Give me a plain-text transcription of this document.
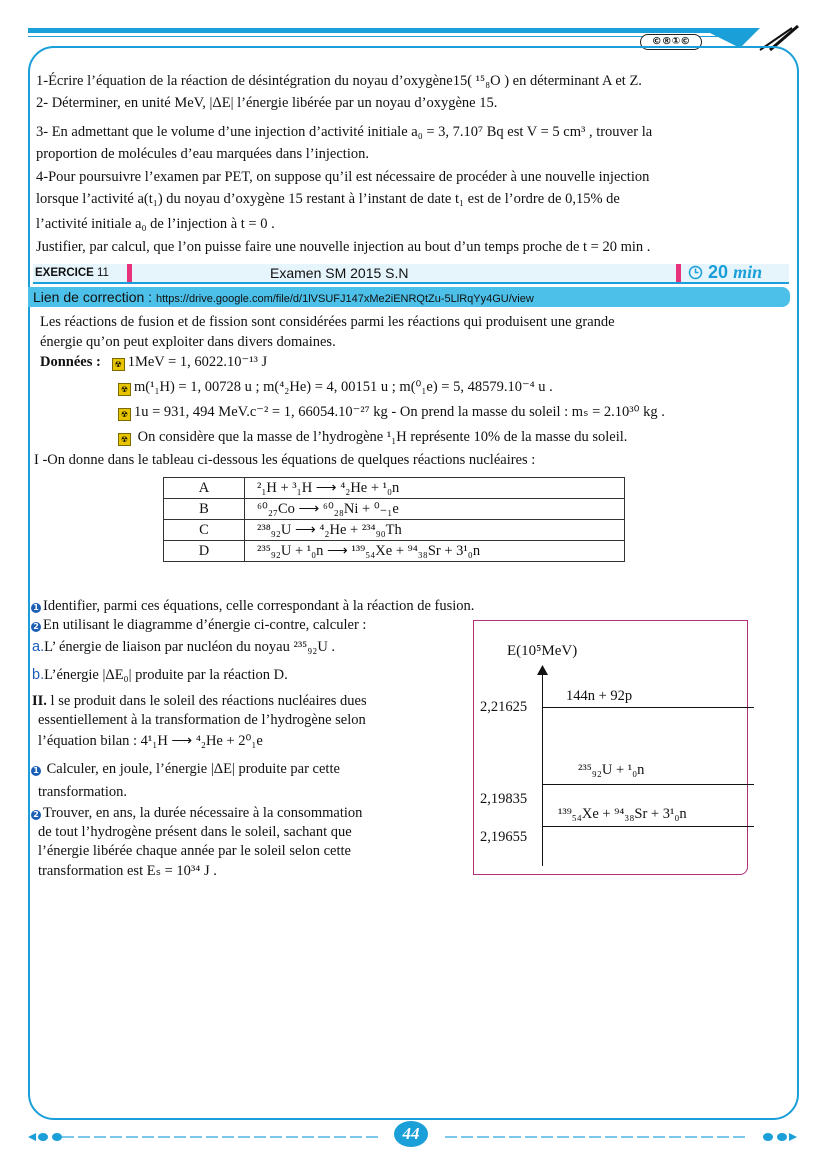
©®①©
1-Écrire l’équation de la réaction de désintégration du noyau d’oxygène15( ¹⁵₈O ) en déterminant A et Z.
2- Déterminer, en unité MeV, |ΔE| l’énergie libérée par un noyau d’oxygène 15.
3- En admettant que le volume d’une injection d’activité initiale a₀ = 3, 7.10⁷ Bq est V = 5 cm³ , trouver la
proportion de molécules d’eau marquées dans l’injection.
4-Pour poursuivre l’examen par PET, on suppose qu’il est nécessaire de procéder à une nouvelle injection
lorsque l’activité a(t₁) du noyau d’oxygène 15 restant à l’instant de date t₁ est de l’ordre de 0,15% de
l’activité initiale a₀ de l’injection à t = 0 .
Justifier, par calcul, que l’on puisse faire une nouvelle injection au bout d’un temps proche de t = 20 min .
EXERCICE 11	Examen SM 2015 S.N	20 min
Lien de correction : https://drive.google.com/file/d/1lVSUFJ147xMe2iENRQtZu-5LlRqYy4GU/view
Les réactions de fusion et de fission sont considérées parmi les réactions qui produisent une grande
énergie qu’on peut exploiter dans divers domaines.
Données : ☢ 1MeV = 1, 6022.10⁻¹³ J
☢ m(¹₁H) = 1, 00728 u ; m(⁴₂He) = 4, 00151 u ; m(⁰₁e) = 5, 48579.10⁻⁴ u .
☢ 1u = 931, 494 MeV.c⁻² = 1, 66054.10⁻²⁷ kg - On prend la masse du soleil : mₛ = 2.10³⁰ kg .
☢ On considère que la masse de l’hydrogène ¹₁H représente 10% de la masse du soleil.
I -On donne dans le tableau ci-dessous les équations de quelques réactions nucléaires :
A	²₁H + ³₁H ⟶ ⁴₂He + ¹₀n
B	⁶⁰₂₇Co ⟶ ⁶⁰₂₈Ni + ⁰₋₁e
C	²³⁸₉₂U ⟶ ⁴₂He + ²³⁴₉₀Th
D	²³⁵₉₂U + ¹₀n ⟶ ¹³⁹₅₄Xe + ⁹⁴₃₈Sr + 3¹₀n
1 Identifier, parmi ces équations, celle correspondant à la réaction de fusion.
2 En utilisant le diagramme d’énergie ci-contre, calculer :
a.L’ énergie de liaison par nucléon du noyau ²³⁵₉₂U .
b.L’énergie |ΔE₀| produite par la réaction D.
II. l se produit dans le soleil des réactions nucléaires dues
essentiellement à la transformation de l’hydrogène selon
l’équation bilan : 4¹₁H ⟶ ⁴₂He + 2⁰₁e
1 Calculer, en joule, l’énergie |ΔE| produite par cette
transformation.
2 Trouver, en ans, la durée nécessaire à la consommation
de tout l’hydrogène présent dans le soleil, sachant que
l’énergie libérée chaque année par le soleil selon cette
transformation est Eₛ = 10³⁴ J .
E(10⁵MeV)
2,21625
144n + 92p
2,19835
²³⁵₉₂U + ¹₀n
2,19655
¹³⁹₅₄Xe + ⁹⁴₃₈Sr + 3¹₀n
44
